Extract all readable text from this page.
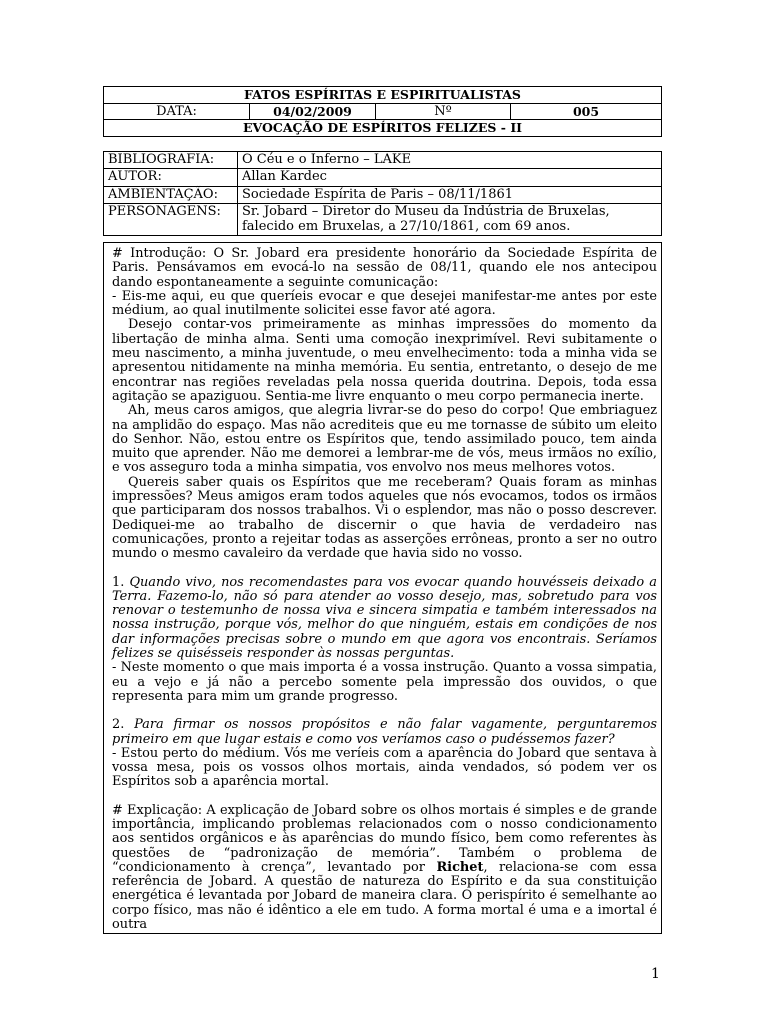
FATOS ESPÍRITAS E ESPIRITUALISTAS
DATA:	04/02/2009	Nº	005
EVOCAÇÃO DE ESPÍRITOS FELIZES - II
BIBLIOGRAFIA:	O Céu e o Inferno – LAKE
AUTOR:	Allan Kardec
AMBIENTAÇÃO:	Sociedade Espírita de Paris – 08/11/1861
PERSONAGENS:	Sr. Jobard – Diretor do Museu da Indústria de Bruxelas, falecido em Bruxelas, a 27/10/1861, com 69 anos.

# Introdução: O Sr. Jobard era presidente honorário da Sociedade Espírita de Paris. Pensávamos em evocá-lo na sessão de 08/11, quando ele nos antecipou dando espontaneamente a seguinte comunicação:

- Eis-me aqui, eu que queríeis evocar e que desejei manifestar-me antes por este médium, ao qual inutilmente solicitei esse favor até agora.

Desejo contar-vos primeiramente as minhas impressões do momento da libertação de minha alma. Senti uma comoção inexprimível. Revi subitamente o meu nascimento, a minha juventude, o meu envelhecimento: toda a minha vida se apresentou nitidamente na minha memória. Eu sentia, entretanto, o desejo de me encontrar nas regiões reveladas pela nossa querida doutrina. Depois, toda essa agitação se apaziguou. Sentia-me livre enquanto o meu corpo permanecia inerte.

Ah, meus caros amigos, que alegria livrar-se do peso do corpo! Que embriaguez na amplidão do espaço. Mas não acrediteis que eu me tornasse de súbito um eleito do Senhor. Não, estou entre os Espíritos que, tendo assimilado pouco, tem ainda muito que aprender. Não me demorei a lembrar-me de vós, meus irmãos no exílio, e vos asseguro toda a minha simpatia, vos envolvo nos meus melhores votos.

Quereis saber quais os Espíritos que me receberam? Quais foram as minhas impressões? Meus amigos eram todos aqueles que nós evocamos, todos os irmãos que participaram dos nossos trabalhos. Vi o esplendor, mas não o posso descrever. Dediquei-me ao trabalho de discernir o que havia de verdadeiro nas comunicações, pronto a rejeitar todas as asserções errôneas, pronto a ser no outro mundo o mesmo cavaleiro da verdade que havia sido no vosso.

1. Quando vivo, nos recomendastes para vos evocar quando houvésseis deixado a Terra. Fazemo-lo, não só para atender ao vosso desejo, mas, sobretudo para vos renovar o testemunho de nossa viva e sincera simpatia e também interessados na nossa instrução, porque vós, melhor do que ninguém, estais em condições de nos dar informações precisas sobre o mundo em que agora vos encontrais. Seríamos felizes se quisésseis responder às nossas perguntas.

- Neste momento o que mais importa é a vossa instrução. Quanto a vossa simpatia, eu a vejo e já não a percebo somente pela impressão dos ouvidos, o que representa para mim um grande progresso.

2. Para firmar os nossos propósitos e não falar vagamente, perguntaremos primeiro em que lugar estais e como vos veríamos caso o pudéssemos fazer?

- Estou perto do médium. Vós me veríeis com a aparência do Jobard que sentava à vossa mesa, pois os vossos olhos mortais, ainda vendados, só podem ver os Espíritos sob a aparência mortal.

# Explicação: A explicação de Jobard sobre os olhos mortais é simples e de grande importância, implicando problemas relacionados com o nosso condicionamento aos sentidos orgânicos e às aparências do mundo físico, bem como referentes às questões de “padronização de memória”. Também o problema de “condicionamento à crença”, levantado por Richet, relaciona-se com essa referência de Jobard. A questão de natureza do Espírito e da sua constituição energética é levantada por Jobard de maneira clara. O perispírito é semelhante ao corpo físico, mas não é idêntico a ele em tudo. A forma mortal é uma e a imortal é outra

1
